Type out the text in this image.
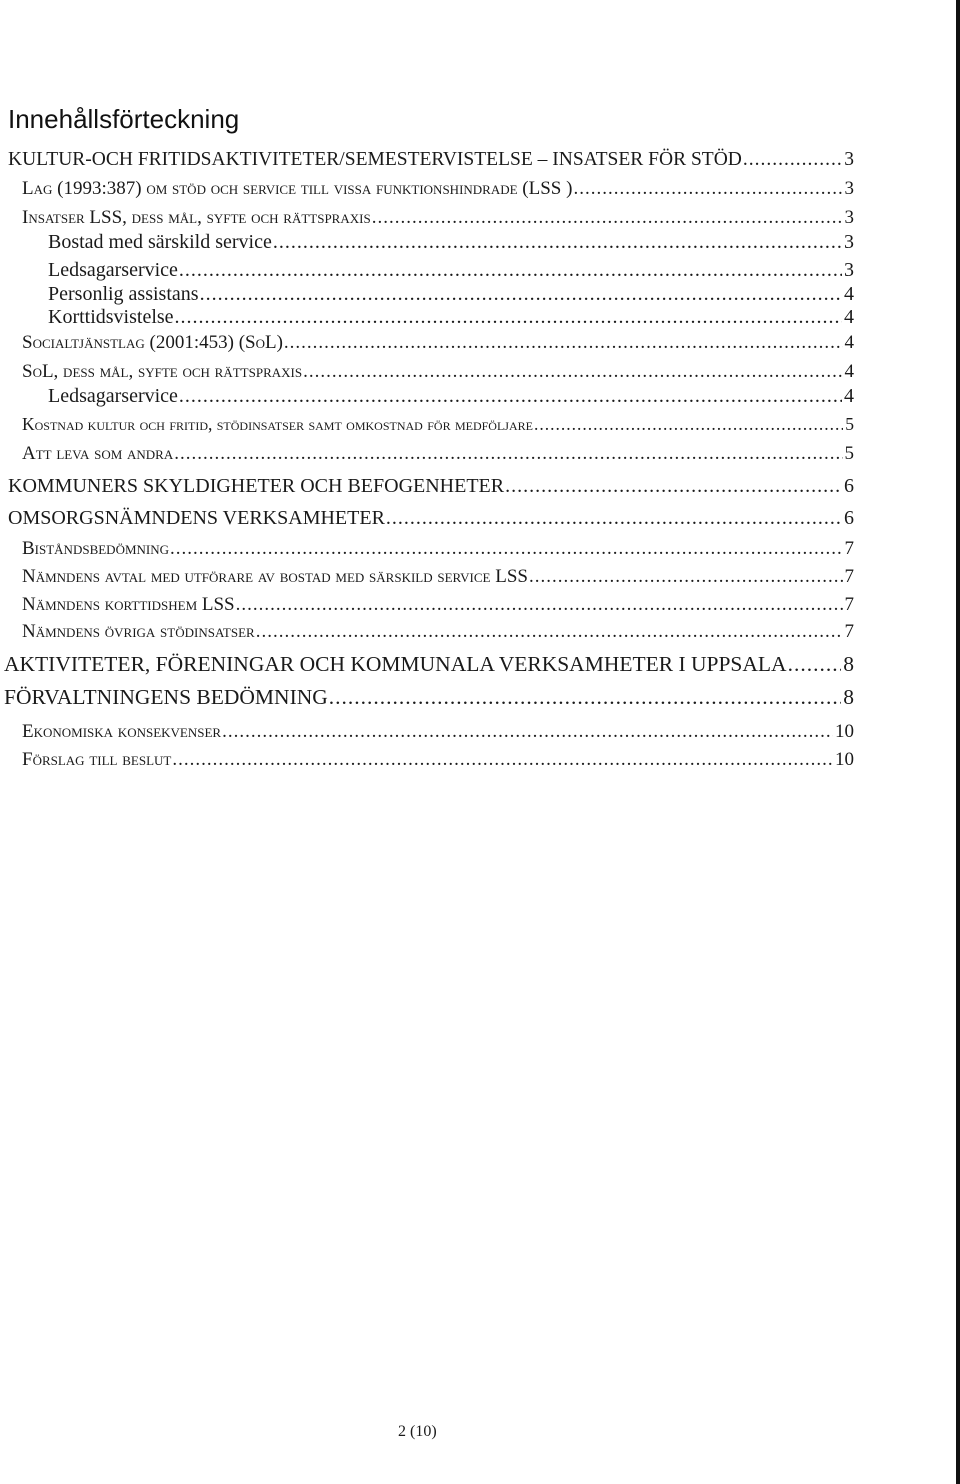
Innehållsförteckning
KULTUR-OCH FRITIDSAKTIVITETER/SEMESTERVISTELSE – INSATSER FÖR STÖD .....	3
Lag (1993:387) om stöd och service till vissa funktionshindrade (LSS ) .....	3
Insatser LSS, dess mål, syfte och rättspraxis .....	3
Bostad med särskild service .....	3
Ledsagarservice .....	3
Personlig assistans .....	4
Korttidsvistelse .....	4
Socialtjänstlag (2001:453) (SoL) .....	4
SoL, dess mål, syfte och rättspraxis .....	4
Ledsagarservice .....	4
Kostnad kultur och fritid, stödinsatser samt omkostnad för medföljare .....	5
Att leva som andra .....	5
KOMMUNERS SKYLDIGHETER OCH BEFOGENHETER .....	6
OMSORGSNÄMNDENS VERKSAMHETER .....	6
Biståndsbedömning .....	7
Nämndens avtal med utförare av bostad med särskild service LSS .....	7
Nämndens korttidshem LSS .....	7
Nämndens övriga stödinsatser .....	7
AKTIVITETER, FÖRENINGAR OCH KOMMUNALA VERKSAMHETER I UPPSALA .....	8
FÖRVALTNINGENS BEDÖMNING .....	8
Ekonomiska konsekvenser .....	10
Förslag till beslut .....	10
2 (10)
